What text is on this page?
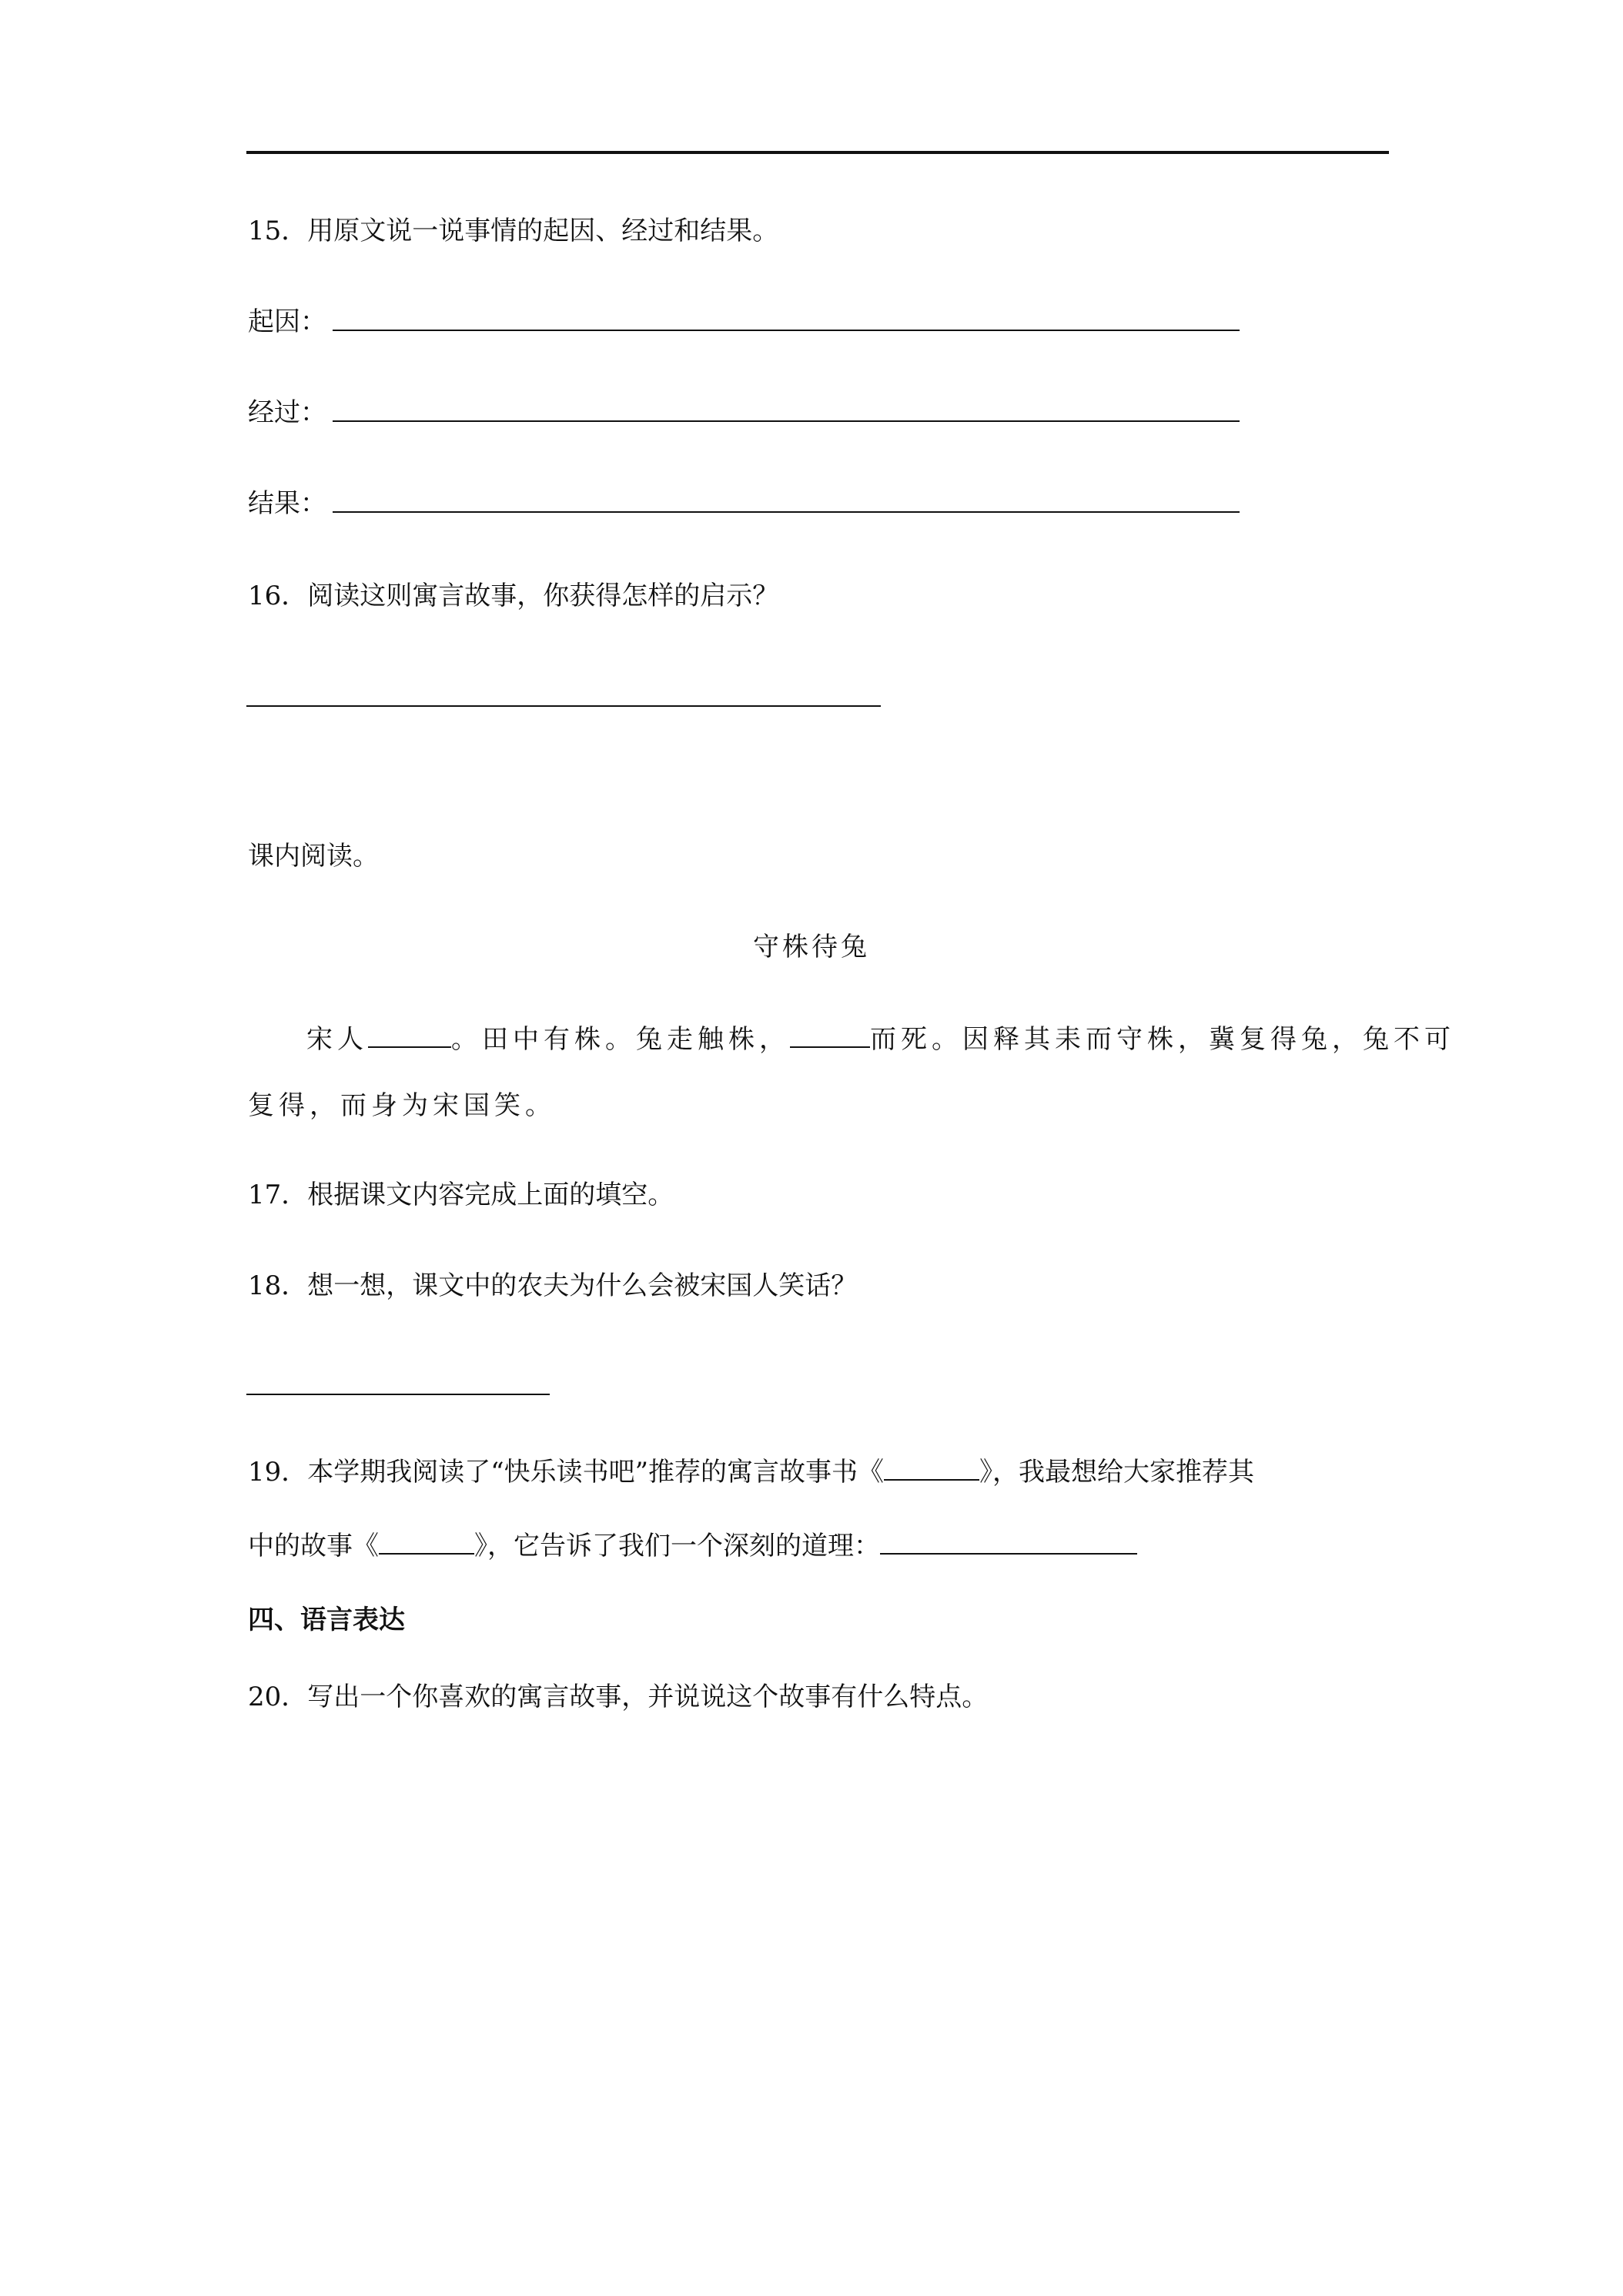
15．用原文说一说事情的起因、经过和结果。
起因：
经过：
结果：
16．阅读这则寓言故事，你获得怎样的启示？
课内阅读。
守株待兔
宋人	。田中有株。兔走触株，	而死。因释其耒而守株，冀复得兔，兔不可
复得，而身为宋国笑。
17．根据课文内容完成上面的填空。
18．想一想，课文中的农夫为什么会被宋国人笑话？
19．本学期我阅读了“快乐读书吧”推荐的寓言故事书《	》，我最想给大家推荐其
中的故事《	》，它告诉了我们一个深刻的道理：
四、语言表达
20．写出一个你喜欢的寓言故事，并说说这个故事有什么特点。
